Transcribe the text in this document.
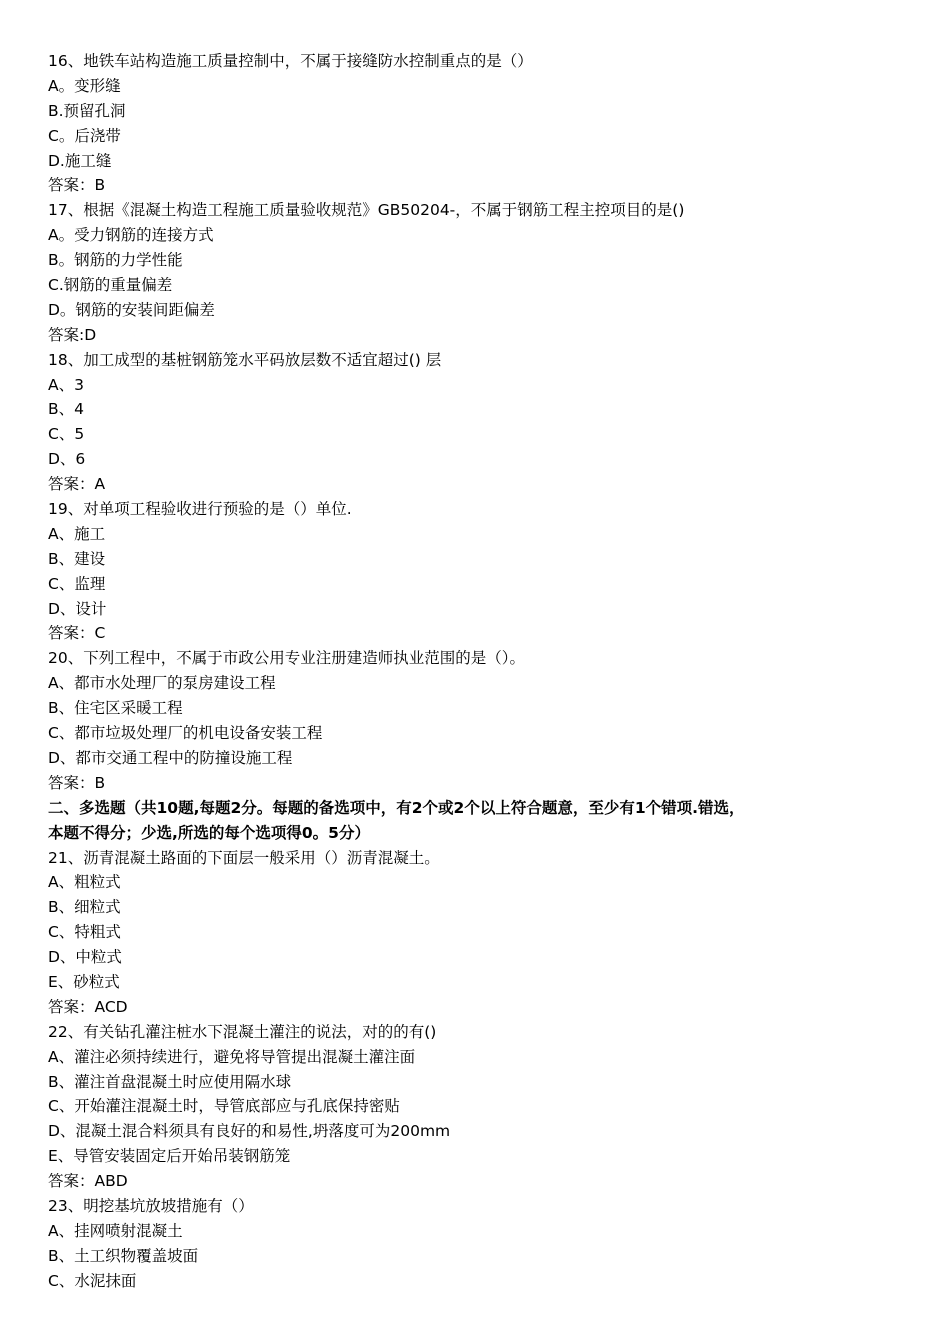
16、地铁车站构造施工质量控制中，不属于接缝防水控制重点的是（）
A。变形缝
B.预留孔洞
C。后浇带
D.施工缝
答案：B
17、根据《混凝土构造工程施工质量验收规范》GB50204-，不属于钢筋工程主控项目的是()
A。受力钢筋的连接方式
B。钢筋的力学性能
C.钢筋的重量偏差
D。钢筋的安装间距偏差
答案:D
18、加工成型的基桩钢筋笼水平码放层数不适宜超过() 层
A、3
B、4
C、5
D、6
答案：A
19、对单项工程验收进行预验的是（）单位.
A、施工
B、建设
C、监理
D、设计
答案：C
20、下列工程中，不属于市政公用专业注册建造师执业范围的是（）。
A、都市水处理厂的泵房建设工程
B、住宅区采暖工程
C、都市垃圾处理厂的机电设备安装工程
D、都市交通工程中的防撞设施工程
答案：B
二、多选题（共10题,每题2分。每题的备选项中，有2个或2个以上符合题意，至少有1个错项.错选，
本题不得分；少选,所选的每个选项得0。5分）
21、沥青混凝土路面的下面层一般采用（）沥青混凝土。
A、粗粒式
B、细粒式
C、特粗式
D、中粒式
E、砂粒式
答案：ACD
22、有关钻孔灌注桩水下混凝土灌注的说法，对的的有()
A、灌注必须持续进行，避免将导管提出混凝土灌注面
B、灌注首盘混凝土时应使用隔水球
C、开始灌注混凝土时，导管底部应与孔底保持密贴
D、混凝土混合料须具有良好的和易性,坍落度可为200mm
E、导管安装固定后开始吊装钢筋笼
答案：ABD
23、明挖基坑放坡措施有（）
A、挂网喷射混凝土
B、土工织物覆盖坡面
C、水泥抹面
